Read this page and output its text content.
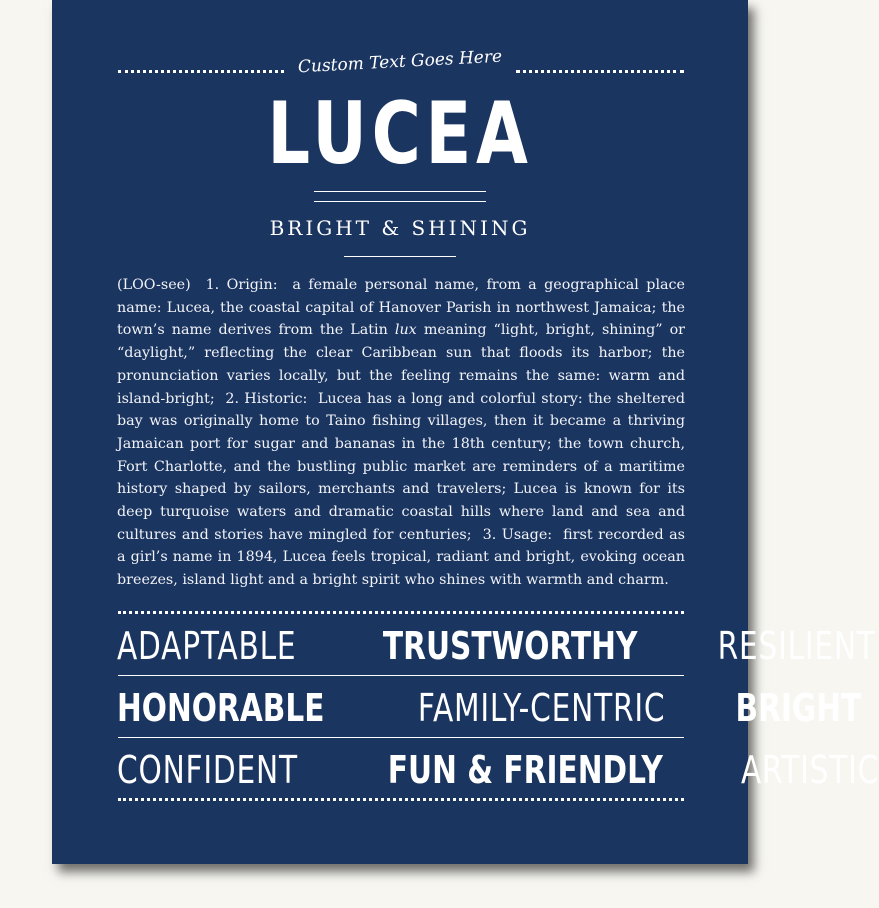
Custom Text Goes Here
LUCEA
BRIGHT & SHINING
(LOO-see) 1. Origin: a female personal name, from a geographical place name: Lucea, the coastal capital of Hanover Parish in northwest Jamaica; the town’s name derives from the Latin lux meaning “light, bright, shining” or “daylight,” reflecting the clear Caribbean sun that floods its harbor; the pronunciation varies locally, but the feeling remains the same: warm and island-bright; 2. Historic: Lucea has a long and colorful story: the sheltered bay was originally home to Taino fishing villages, then it became a thriving Jamaican port for sugar and bananas in the 18th century; the town church, Fort Charlotte, and the bustling public market are reminders of a maritime history shaped by sailors, merchants and travelers; Lucea is known for its deep turquoise waters and dramatic coastal hills where land and sea and cultures and stories have mingled for centuries; 3. Usage: first recorded as a girl’s name in 1894, Lucea feels tropical, radiant and bright, evoking ocean breezes, island light and a bright spirit who shines with warmth and charm.
ADAPTABLE TRUSTWORTHY RESILIENT
HONORABLE FAMILY-CENTRIC BRIGHT
CONFIDENT FUN & FRIENDLY ARTISTIC
